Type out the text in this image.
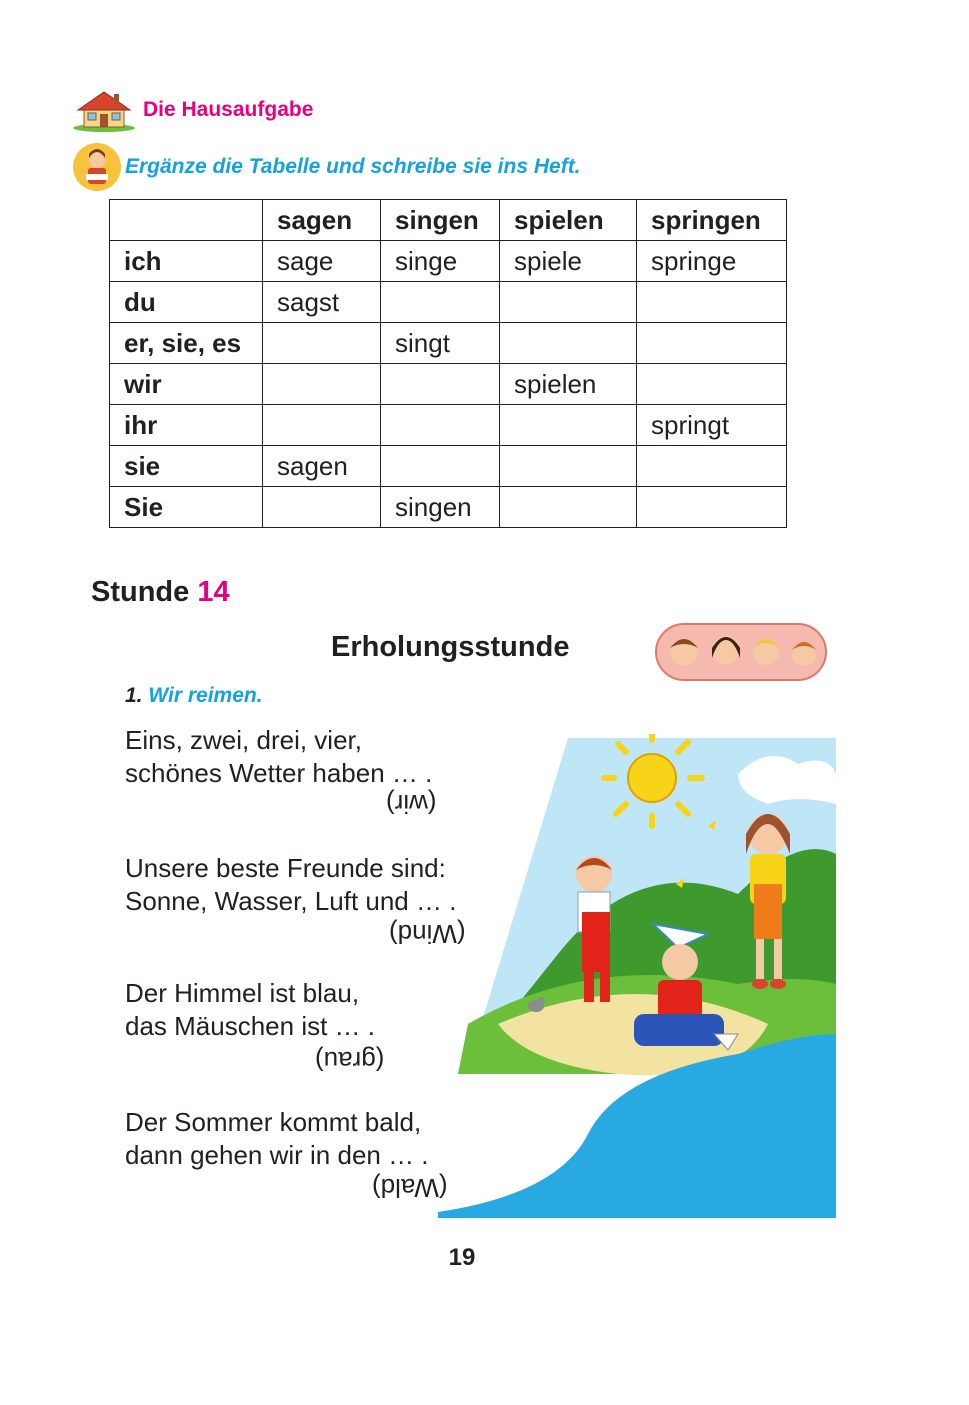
Die Hausaufgabe
Ergänze die Tabelle und schreibe sie ins Heft.
	sagen	singen	spielen	springen
ich	sage	singe	spiele	springe
du	sagst			
er, sie, es		singt		
wir			spielen	
ihr				springt
sie	sagen			
Sie		singen		
Stunde 14
Erholungsstunde
1. Wir reimen.
Eins, zwei, drei, vier,
schönes Wetter haben … .
(wir)
Unsere beste Freunde sind:
Sonne, Wasser, Luft und … .
(Wind)
Der Himmel ist blau,
das Mäuschen ist … .
(grau)
Der Sommer kommt bald,
dann gehen wir in den … .
(Wald)
19
